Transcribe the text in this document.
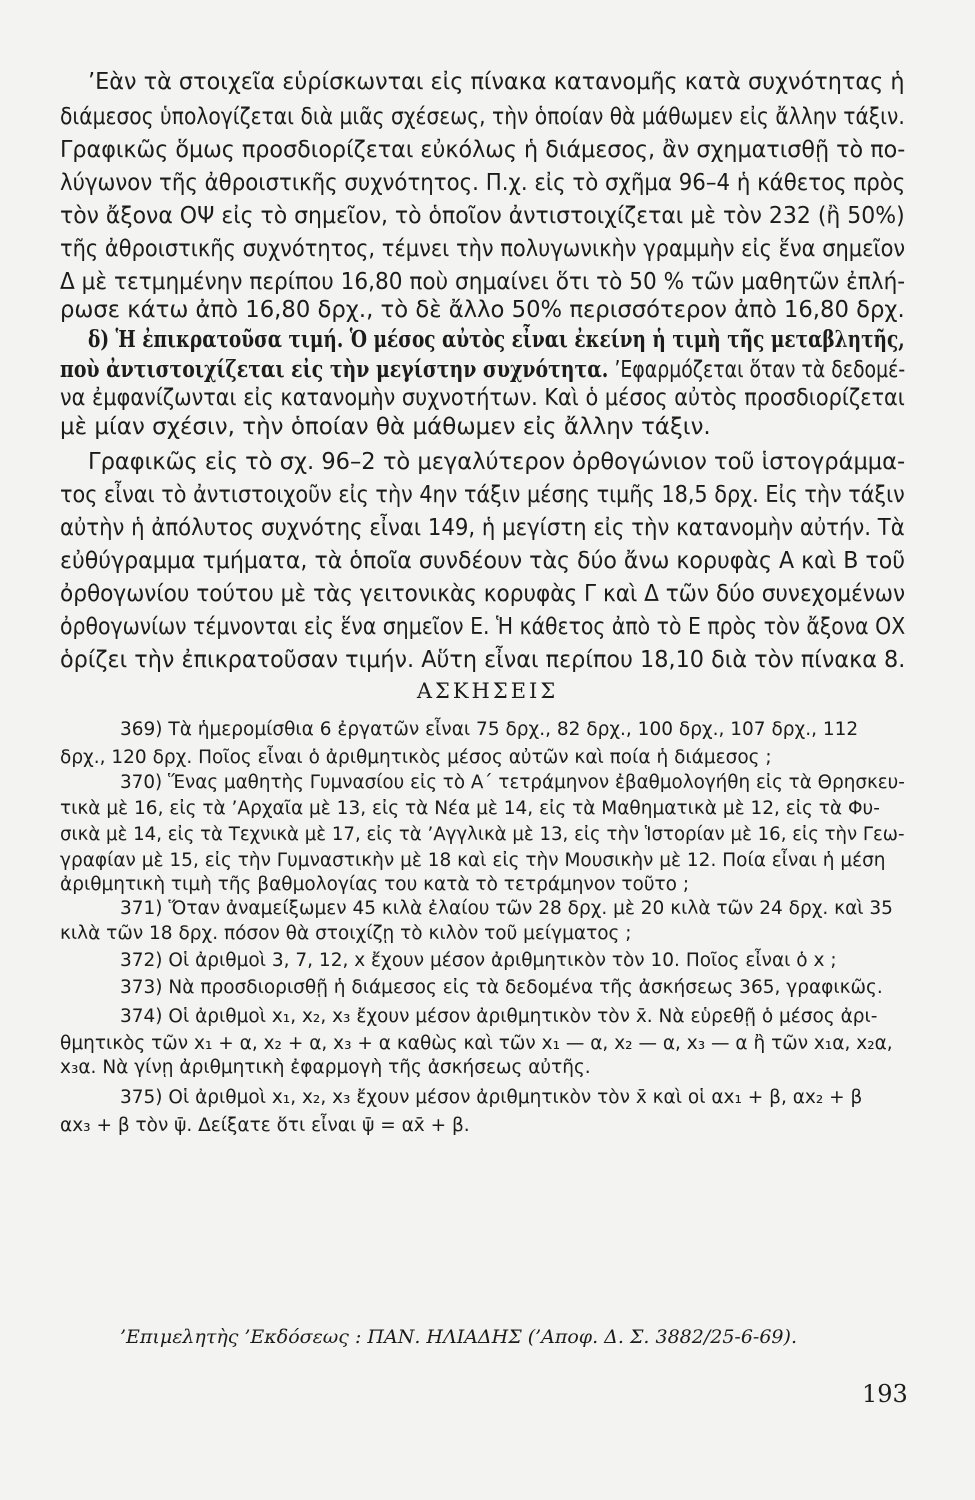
’Εὰν τὰ στοιχεῖα εὑρίσκωνται εἰς πίνακα κατανομῆς κατὰ συχνότητας ἡ
διάμεσος ὑπολογίζεται διὰ μιᾶς σχέσεως, τὴν ὁποίαν θὰ μάθωμεν εἰς ἄλλην τάξιν.
Γραφικῶς ὅμως προσδιορίζεται εὐκόλως ἡ διάμεσος, ἂν σχηματισθῇ τὸ πο-
λύγωνον τῆς ἀθροιστικῆς συχνότητος. Π.χ. εἰς τὸ σχῆμα 96–4 ἡ κάθετος πρὸς
τὸν ἄξονα ΟΨ εἰς τὸ σημεῖον, τὸ ὁποῖον ἀντιστοιχίζεται μὲ τὸν 232 (ἢ 50%)
τῆς ἀθροιστικῆς συχνότητος, τέμνει τὴν πολυγωνικὴν γραμμὴν εἰς ἕνα σημεῖον
Δ μὲ τετμημένην περίπου 16,80 ποὺ σημαίνει ὅτι τὸ 50 % τῶν μαθητῶν ἐπλή-
ρωσε κάτω ἀπὸ 16,80 δρχ., τὸ δὲ ἄλλο 50% περισσότερον ἀπὸ 16,80 δρχ.
δ) Ἡ ἐπικρατοῦσα τιμή. Ὁ μέσος αὐτὸς εἶναι ἐκείνη ἡ τιμὴ τῆς μεταβλητῆς,
ποὺ ἀντιστοιχίζεται εἰς τὴν μεγίστην συχνότητα. ’Εφαρμόζεται ὅταν τὰ δεδομέ-
να ἐμφανίζωνται εἰς κατανομὴν συχνοτήτων. Καὶ ὁ μέσος αὐτὸς προσδιορίζεται
μὲ μίαν σχέσιν, τὴν ὁποίαν θὰ μάθωμεν εἰς ἄλλην τάξιν.
Γραφικῶς εἰς τὸ σχ. 96–2 τὸ μεγαλύτερον ὀρθογώνιον τοῦ ἱστογράμμα-
τος εἶναι τὸ ἀντιστοιχοῦν εἰς τὴν 4ην τάξιν μέσης τιμῆς 18,5 δρχ. Εἰς τὴν τάξιν
αὐτὴν ἡ ἀπόλυτος συχνότης εἶναι 149, ἡ μεγίστη εἰς τὴν κατανομὴν αὐτήν. Τὰ
εὐθύγραμμα τμήματα, τὰ ὁποῖα συνδέουν τὰς δύο ἄνω κορυφὰς Α καὶ Β τοῦ
ὀρθογωνίου τούτου μὲ τὰς γειτονικὰς κορυφὰς Γ καὶ Δ τῶν δύο συνεχομένων
ὀρθογωνίων τέμνονται εἰς ἕνα σημεῖον Ε. Ἡ κάθετος ἀπὸ τὸ Ε πρὸς τὸν ἄξονα ΟΧ
ὁρίζει τὴν ἐπικρατοῦσαν τιμήν. Αὕτη εἶναι περίπου 18,10 διὰ τὸν πίνακα 8.
ΑΣΚΗΣΕΙΣ
369) Τὰ ἡμερομίσθια 6 ἐργατῶν εἶναι 75 δρχ., 82 δρχ., 100 δρχ., 107 δρχ., 112
δρχ., 120 δρχ. Ποῖος εἶναι ὁ ἀριθμητικὸς μέσος αὐτῶν καὶ ποία ἡ διάμεσος ;
370) Ἕνας μαθητὴς Γυμνασίου εἰς τὸ Α΄ τετράμηνον ἐβαθμολογήθη εἰς τὰ Θρησκευ-
τικὰ μὲ 16, εἰς τὰ ’Αρχαῖα μὲ 13, εἰς τὰ Νέα μὲ 14, εἰς τὰ Μαθηματικὰ μὲ 12, εἰς τὰ Φυ-
σικὰ μὲ 14, εἰς τὰ Τεχνικὰ μὲ 17, εἰς τὰ ’Αγγλικὰ μὲ 13, εἰς τὴν Ἱστορίαν μὲ 16, εἰς τὴν Γεω-
γραφίαν μὲ 15, εἰς τὴν Γυμναστικὴν μὲ 18 καὶ εἰς τὴν Μουσικὴν μὲ 12. Ποία εἶναι ἡ μέση
ἀριθμητικὴ τιμὴ τῆς βαθμολογίας του κατὰ τὸ τετράμηνον τοῦτο ;
371) Ὅταν ἀναμείξωμεν 45 κιλὰ ἐλαίου τῶν 28 δρχ. μὲ 20 κιλὰ τῶν 24 δρχ. καὶ 35
κιλὰ τῶν 18 δρχ. πόσον θὰ στοιχίζῃ τὸ κιλὸν τοῦ μείγματος ;
372) Οἱ ἀριθμοὶ 3, 7, 12, x ἔχουν μέσον ἀριθμητικὸν τὸν 10. Ποῖος εἶναι ὁ x ;
373) Νὰ προσδιορισθῇ ἡ διάμεσος εἰς τὰ δεδομένα τῆς ἀσκήσεως 365, γραφικῶς.
374) Οἱ ἀριθμοὶ x₁, x₂, x₃ ἔχουν μέσον ἀριθμητικὸν τὸν x̄. Νὰ εὑρεθῇ ὁ μέσος ἀρι-
θμητικὸς τῶν x₁ + α, x₂ + α, x₃ + α καθὼς καὶ τῶν x₁ — α, x₂ — α, x₃ — α ἢ τῶν x₁α, x₂α,
x₃α. Νὰ γίνῃ ἀριθμητικὴ ἐφαρμογὴ τῆς ἀσκήσεως αὐτῆς.
375) Οἱ ἀριθμοὶ x₁, x₂, x₃ ἔχουν μέσον ἀριθμητικὸν τὸν x̄ καὶ οἱ αx₁ + β, αx₂ + β
αx₃ + β τὸν ψ̄. Δείξατε ὅτι εἶναι ψ̄ = αx̄ + β.
’Επιμελητὴς ’Εκδόσεως : ΠΑΝ. ΗΛΙΑΔΗΣ (’Αποφ. Δ. Σ. 3882/25-6-69).
193
